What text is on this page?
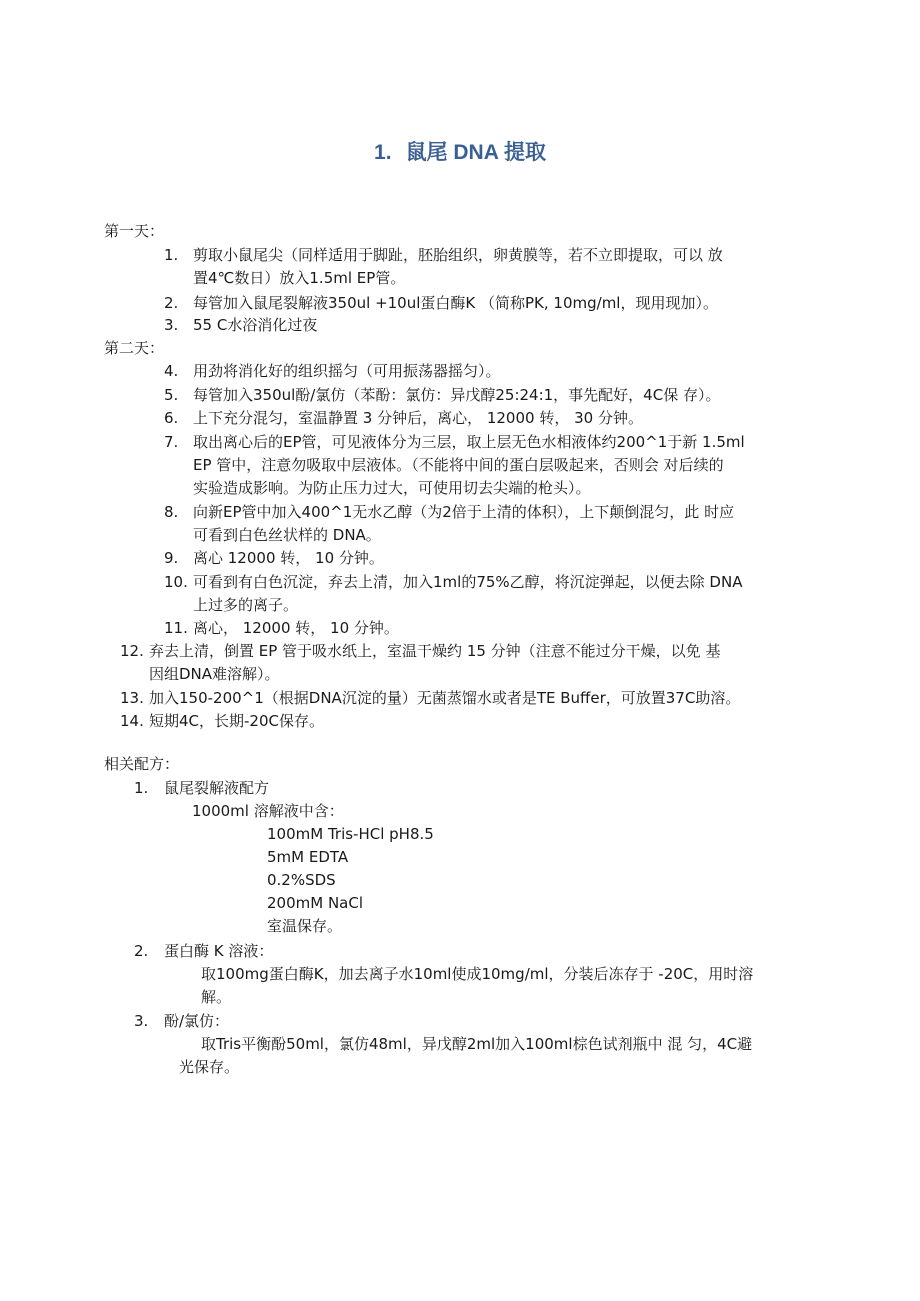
1. 鼠尾 DNA 提取
第一天：
1. 剪取小鼠尾尖（同样适用于脚趾，胚胎组织，卵黄膜等，若不立即提取，可以 放
置4℃数日）放入1.5ml EP管。
2. 每管加入鼠尾裂解液350ul +10ul蛋白酶K （简称PK, 10mg/ml，现用现加）。
3. 55 C水浴消化过夜
第二天：
4. 用劲将消化好的组织摇匀（可用振荡器摇匀）。
5. 每管加入350ul酚/氯仿（苯酚：氯仿：异戊醇25:24:1，事先配好，4C保 存）。
6. 上下充分混匀，室温静置 3 分钟后，离心， 12000 转， 30 分钟。
7. 取出离心后的EP管，可见液体分为三层，取上层无色水相液体约200^1于新 1.5ml
EP 管中，注意勿吸取中层液体。（不能将中间的蛋白层吸起来，否则会 对后续的
实验造成影响。为防止压力过大，可使用切去尖端的枪头）。
8. 向新EP管中加入400^1无水乙醇（为2倍于上清的体积），上下颠倒混匀，此 时应
可看到白色丝状样的 DNA。
9. 离心 12000 转， 10 分钟。
10. 可看到有白色沉淀，弃去上清，加入1ml的75%乙醇，将沉淀弹起，以便去除 DNA
上过多的离子。
11. 离心， 12000 转， 10 分钟。
12. 弃去上清，倒置 EP 管于吸水纸上，室温干燥约 15 分钟（注意不能过分干燥，以免 基
因组DNA难溶解）。
13. 加入150-200^1（根据DNA沉淀的量）无菌蒸馏水或者是TE Buffer，可放置37C助溶。
14. 短期4C，长期-20C保存。
相关配方：
1. 鼠尾裂解液配方
1000ml 溶解液中含：
100mM Tris-HCl pH8.5
5mM EDTA
0.2%SDS
200mM NaCl
室温保存。
2. 蛋白酶 K 溶液：
取100mg蛋白酶K，加去离子水10ml使成10mg/ml，分装后冻存于 -20C，用时溶
解。
3. 酚/氯仿：
取Tris平衡酚50ml，氯仿48ml，异戊醇2ml加入100ml棕色试剂瓶中 混 匀，4C避
光保存。
